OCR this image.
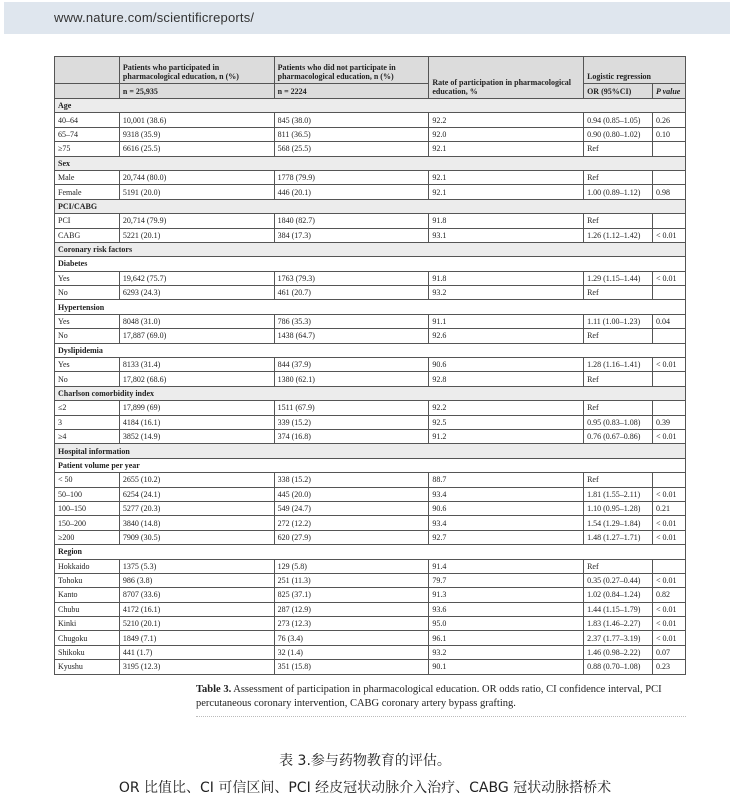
www.nature.com/scientificreports/
	Patients who participated in pharmacological education, n (%)	Patients who did not participate in pharmacological education, n (%)	Rate of participation in pharmacological education, %	Logistic regression	
	n = 25,935	n = 2224		OR (95%CI)	P value
Age					
40–64	10,001 (38.6)	845 (38.0)	92.2	0.94 (0.85–1.05)	0.26
65–74	9318 (35.9)	811 (36.5)	92.0	0.90 (0.80–1.02)	0.10
≥75	6616 (25.5)	568 (25.5)	92.1	Ref	
Sex					
Male	20,744 (80.0)	1778 (79.9)	92.1	Ref	
Female	5191 (20.0)	446 (20.1)	92.1	1.00 (0.89–1.12)	0.98
PCI/CABG					
PCI	20,714 (79.9)	1840 (82.7)	91.8	Ref	
CABG	5221 (20.1)	384 (17.3)	93.1	1.26 (1.12–1.42)	< 0.01
Coronary risk factors					
Diabetes					
Yes	19,642 (75.7)	1763 (79.3)	91.8	1.29 (1.15–1.44)	< 0.01
No	6293 (24.3)	461 (20.7)	93.2	Ref	
Hypertension					
Yes	8048 (31.0)	786 (35.3)	91.1	1.11 (1.00–1.23)	0.04
No	17,887 (69.0)	1438 (64.7)	92.6	Ref	
Dyslipidemia					
Yes	8133 (31.4)	844 (37.9)	90.6	1.28 (1.16–1.41)	< 0.01
No	17,802 (68.6)	1380 (62.1)	92.8	Ref	
Charlson comorbidity index					
≤2	17,899 (69)	1511 (67.9)	92.2	Ref	
3	4184 (16.1)	339 (15.2)	92.5	0.95 (0.83–1.08)	0.39
≥4	3852 (14.9)	374 (16.8)	91.2	0.76 (0.67–0.86)	< 0.01
Hospital information					
Patient volume per year					
< 50	2655 (10.2)	338 (15.2)	88.7	Ref	
50–100	6254 (24.1)	445 (20.0)	93.4	1.81 (1.55–2.11)	< 0.01
100–150	5277 (20.3)	549 (24.7)	90.6	1.10 (0.95–1.28)	0.21
150–200	3840 (14.8)	272 (12.2)	93.4	1.54 (1.29–1.84)	< 0.01
≥200	7909 (30.5)	620 (27.9)	92.7	1.48 (1.27–1.71)	< 0.01
Region					
Hokkaido	1375 (5.3)	129 (5.8)	91.4	Ref	
Tohoku	986 (3.8)	251 (11.3)	79.7	0.35 (0.27–0.44)	< 0.01
Kanto	8707 (33.6)	825 (37.1)	91.3	1.02 (0.84–1.24)	0.82
Chubu	4172 (16.1)	287 (12.9)	93.6	1.44 (1.15–1.79)	< 0.01
Kinki	5210 (20.1)	273 (12.3)	95.0	1.83 (1.46–2.27)	< 0.01
Chugoku	1849 (7.1)	76 (3.4)	96.1	2.37 (1.77–3.19)	< 0.01
Shikoku	441 (1.7)	32 (1.4)	93.2	1.46 (0.98–2.22)	0.07
Kyushu	3195 (12.3)	351 (15.8)	90.1	0.88 (0.70–1.08)	0.23
Table 3. Assessment of participation in pharmacological education. OR odds ratio, CI confidence interval, PCI percutaneous coronary intervention, CABG coronary artery bypass grafting.
表 3.参与药物教育的评估。
OR 比值比、CI 可信区间、PCI 经皮冠状动脉介入治疗、CABG 冠状动脉搭桥术
